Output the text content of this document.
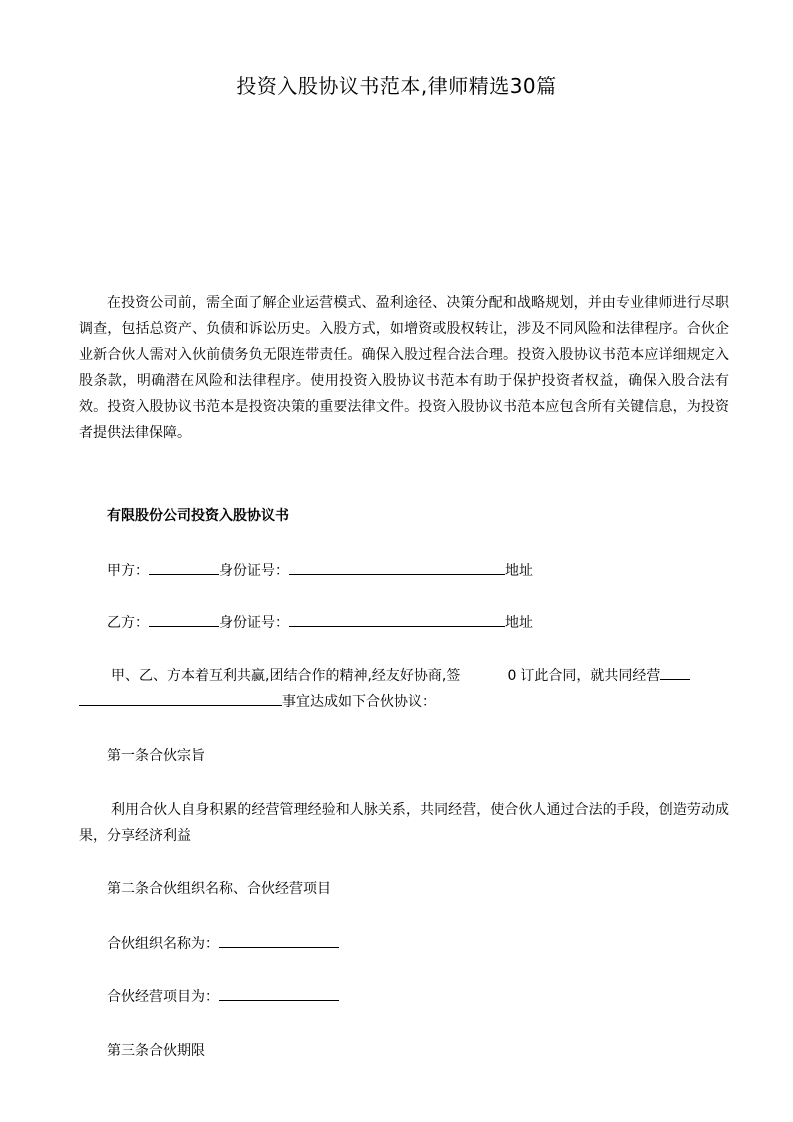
投资入股协议书范本,律师精选30篇

在投资公司前，需全面了解企业运营模式、盈利途径、决策分配和战略规划，并由专业律师进行尽职调查，包括总资产、负债和诉讼历史。入股方式，如增资或股权转让，涉及不同风险和法律程序。合伙企业新合伙人需对入伙前债务负无限连带责任。确保入股过程合法合理。投资入股协议书范本应详细规定入股条款，明确潜在风险和法律程序。使用投资入股协议书范本有助于保护投资者权益，确保入股合法有效。投资入股协议书范本是投资决策的重要法律文件。投资入股协议书范本应包含所有关键信息，为投资者提供法律保障。

有限股份公司投资入股协议书

甲方：	身份证号：	地址

乙方：	身份证号：	地址

甲、乙、方本着互利共赢,团结合作的精神,经友好协商,签	0 订此合同，就共同经营

事宜达成如下合伙协议：

第一条合伙宗旨

利用合伙人自身积累的经营管理经验和人脉关系，共同经营，使合伙人通过合法的手段，创造劳动成果，分享经济利益

第二条合伙组织名称、合伙经营项目

合伙组织名称为：

合伙经营项目为：

第三条合伙期限
